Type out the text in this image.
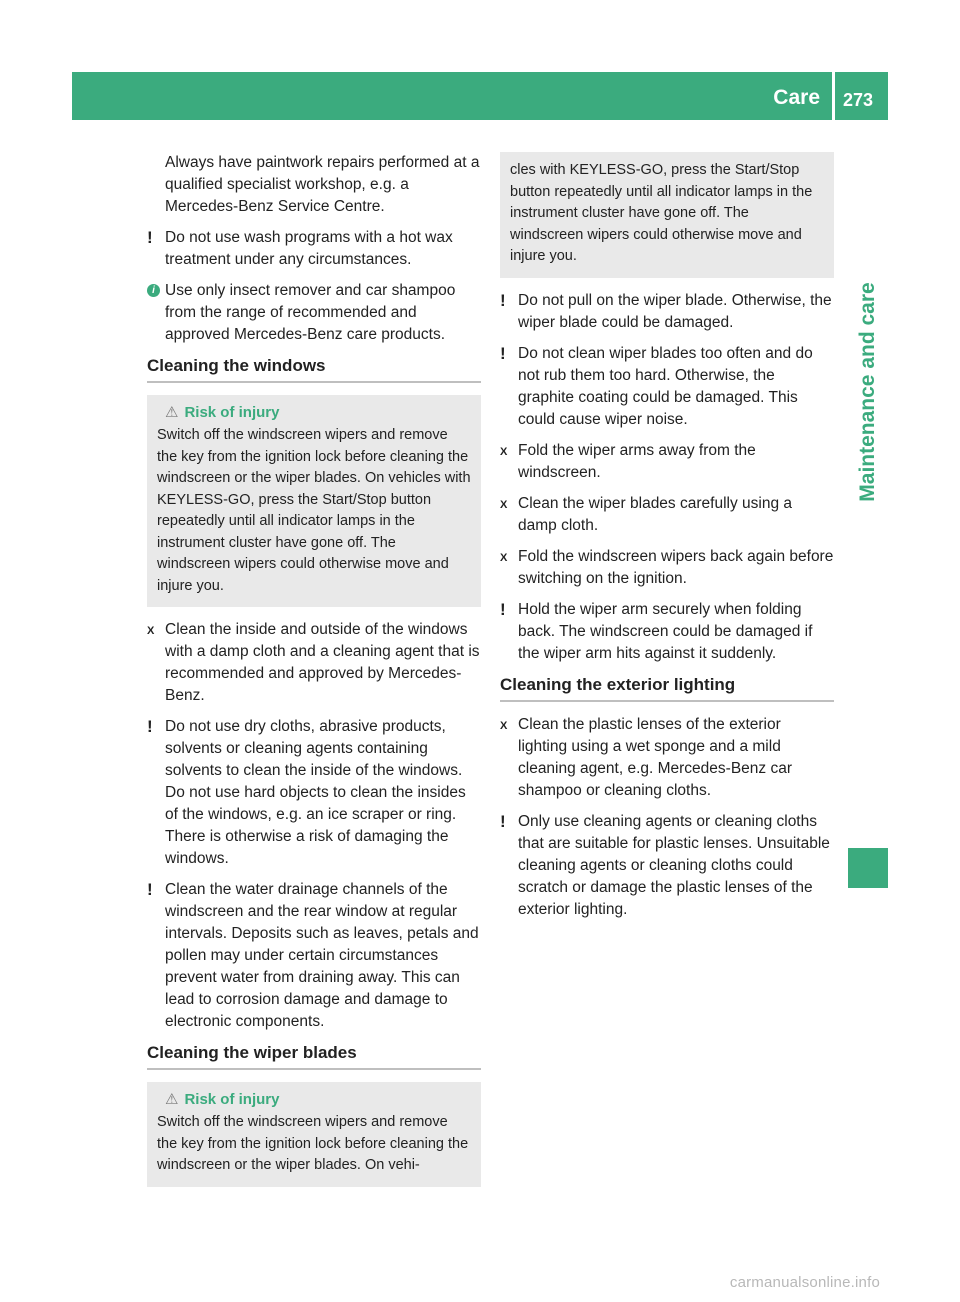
Care 273
Maintenance and care

Always have paintwork repairs performed at a qualified specialist workshop, e.g. a Mercedes-Benz Service Centre.

! Do not use wash programs with a hot wax treatment under any circumstances.
i Use only insect remover and car shampoo from the range of recommended and approved Mercedes-Benz care products.
Cleaning the windows
⚠ Risk of injury
Switch off the windscreen wipers and remove the key from the ignition lock before cleaning the windscreen or the wiper blades. On vehicles with KEYLESS-GO, press the Start/Stop button repeatedly until all indicator lamps in the instrument cluster have gone off. The windscreen wipers could otherwise move and injure you.
X Clean the inside and outside of the windows with a damp cloth and a cleaning agent that is recommended and approved by Mercedes-Benz.
! Do not use dry cloths, abrasive products, solvents or cleaning agents containing solvents to clean the inside of the windows. Do not use hard objects to clean the insides of the windows, e.g. an ice scraper or ring. There is otherwise a risk of damaging the windows.
! Clean the water drainage channels of the windscreen and the rear window at regular intervals. Deposits such as leaves, petals and pollen may under certain circumstances prevent water from draining away. This can lead to corrosion damage and damage to electronic components.
Cleaning the wiper blades
⚠ Risk of injury
Switch off the windscreen wipers and remove the key from the ignition lock before cleaning the windscreen or the wiper blades. On vehi-
cles with KEYLESS-GO, press the Start/Stop button repeatedly until all indicator lamps in the instrument cluster have gone off. The windscreen wipers could otherwise move and injure you.
! Do not pull on the wiper blade. Otherwise, the wiper blade could be damaged.
! Do not clean wiper blades too often and do not rub them too hard. Otherwise, the graphite coating could be damaged. This could cause wiper noise.
X Fold the wiper arms away from the windscreen.
X Clean the wiper blades carefully using a damp cloth.
X Fold the windscreen wipers back again before switching on the ignition.
! Hold the wiper arm securely when folding back. The windscreen could be damaged if the wiper arm hits against it suddenly.
Cleaning the exterior lighting
X Clean the plastic lenses of the exterior lighting using a wet sponge and a mild cleaning agent, e.g. Mercedes-Benz car shampoo or cleaning cloths.
! Only use cleaning agents or cleaning cloths that are suitable for plastic lenses. Unsuitable cleaning agents or cleaning cloths could scratch or damage the plastic lenses of the exterior lighting.
carmanualsonline.info
